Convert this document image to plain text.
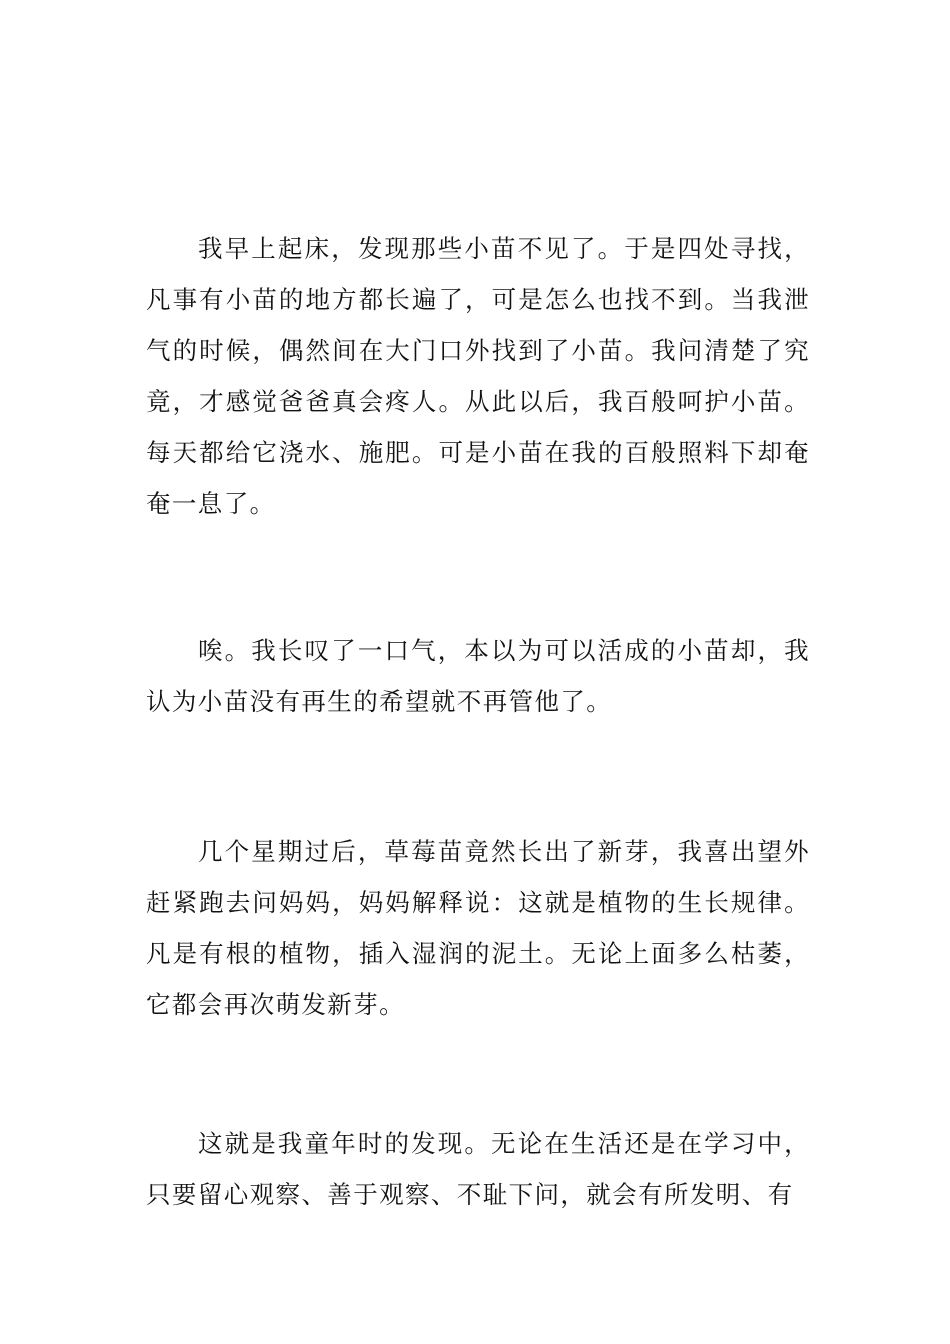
我早上起床，发现那些小苗不见了。于是四处寻找，凡事有小苗的地方都长遍了，可是怎么也找不到。当我泄气的时候，偶然间在大门口外找到了小苗。我问清楚了究竟，才感觉爸爸真会疼人。从此以后，我百般呵护小苗。每天都给它浇水、施肥。可是小苗在我的百般照料下却奄奄一息了。

唉。我长叹了一口气，本以为可以活成的小苗却，我认为小苗没有再生的希望就不再管他了。

几个星期过后，草莓苗竟然长出了新芽，我喜出望外赶紧跑去问妈妈，妈妈解释说：这就是植物的生长规律。凡是有根的植物，插入湿润的泥土。无论上面多么枯萎，它都会再次萌发新芽。

这就是我童年时的发现。无论在生活还是在学习中，只要留心观察、善于观察、不耻下问，就会有所发明、有
